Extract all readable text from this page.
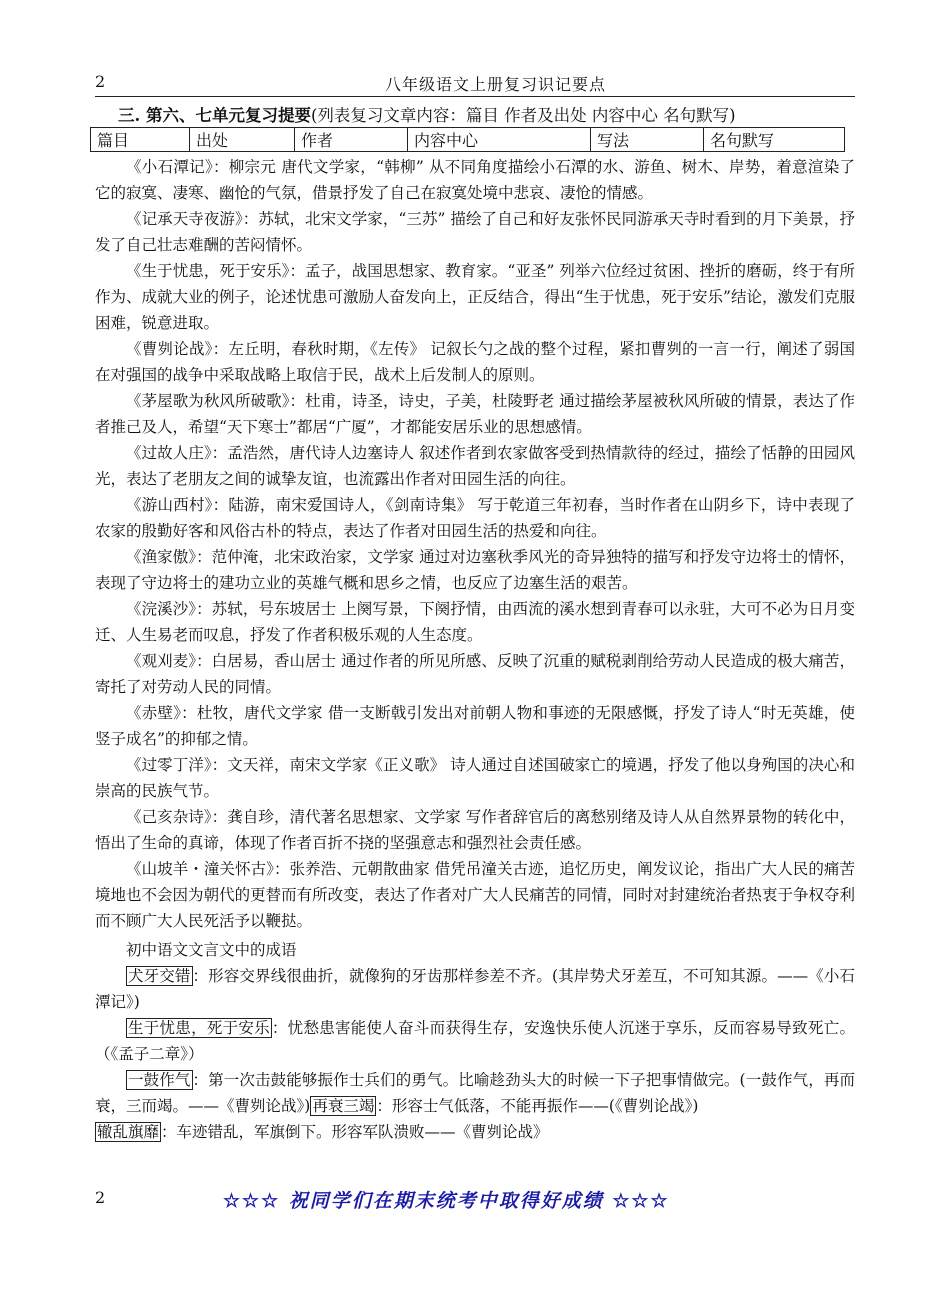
2	八年级语文上册复习识记要点
三. 第六、七单元复习提要(列表复习文章内容：篇目 作者及出处 内容中心 名句默写)
篇目	出处	作者	内容中心	写法	名句默写

《小石潭记》：柳宗元 唐代文学家，“韩柳” 从不同角度描绘小石潭的水、游鱼、树木、岸势，着意渲染了它的寂寞、凄寒、幽怆的气氛，借景抒发了自己在寂寞处境中悲哀、凄怆的情感。

《记承天寺夜游》：苏轼，北宋文学家，“三苏” 描绘了自己和好友张怀民同游承天寺时看到的月下美景，抒发了自己壮志难酬的苦闷情怀。

《生于忧患，死于安乐》：孟子，战国思想家、教育家。“亚圣” 列举六位经过贫困、挫折的磨砺，终于有所作为、成就大业的例子，论述忧患可激励人奋发向上，正反结合，得出“生于忧患，死于安乐”结论，激发们克服困难，锐意进取。

《曹刿论战》：左丘明，春秋时期，《左传》 记叙长勺之战的整个过程，紧扣曹刿的一言一行，阐述了弱国在对强国的战争中采取战略上取信于民，战术上后发制人的原则。

《茅屋歌为秋风所破歌》：杜甫，诗圣，诗史，子美，杜陵野老 通过描绘茅屋被秋风所破的情景，表达了作者推己及人，希望“天下寒士”都居“广厦”，才都能安居乐业的思想感情。

《过故人庄》：孟浩然，唐代诗人边塞诗人 叙述作者到农家做客受到热情款待的经过，描绘了恬静的田园风光，表达了老朋友之间的诚挚友谊，也流露出作者对田园生活的向往。

《游山西村》：陆游，南宋爱国诗人，《剑南诗集》 写于乾道三年初春，当时作者在山阴乡下，诗中表现了农家的殷勤好客和风俗古朴的特点，表达了作者对田园生活的热爱和向往。

《渔家傲》：范仲淹，北宋政治家，文学家 通过对边塞秋季风光的奇异独特的描写和抒发守边将士的情怀，表现了守边将士的建功立业的英雄气概和思乡之情，也反应了边塞生活的艰苦。

《浣溪沙》：苏轼，号东坡居士 上阕写景，下阕抒情，由西流的溪水想到青春可以永驻，大可不必为日月变迁、人生易老而叹息，抒发了作者积极乐观的人生态度。

《观刈麦》：白居易，香山居士 通过作者的所见所感、反映了沉重的赋税剥削给劳动人民造成的极大痛苦，寄托了对劳动人民的同情。

《赤壁》：杜牧，唐代文学家 借一支断戟引发出对前朝人物和事迹的无限感慨，抒发了诗人“时无英雄，使竖子成名”的抑郁之情。

《过零丁洋》：文天祥，南宋文学家《正义歌》 诗人通过自述国破家亡的境遇，抒发了他以身殉国的决心和崇高的民族气节。

《己亥杂诗》：龚自珍，清代著名思想家、文学家 写作者辞官后的离愁别绪及诗人从自然界景物的转化中，悟出了生命的真谛，体现了作者百折不挠的坚强意志和强烈社会责任感。

《山坡羊・潼关怀古》：张养浩、元朝散曲家 借凭吊潼关古迹，追忆历史，阐发议论，指出广大人民的痛苦境地也不会因为朝代的更替而有所改变，表达了作者对广大人民痛苦的同情，同时对封建统治者热衷于争权夺利而不顾广大人民死活予以鞭挞。

初中语文文言文中的成语

犬牙交错 ：形容交界线很曲折，就像狗的牙齿那样参差不齐。(其岸势犬牙差互，不可知其源。——《小石潭记》)

生于忧患，死于安乐 ：忧愁患害能使人奋斗而获得生存，安逸快乐使人沉迷于享乐，反而容易导致死亡。（《孟子二章》）

一鼓作气 ：第一次击鼓能够振作士兵们的勇气。比喻趁劲头大的时候一下子把事情做完。(一鼓作气，再而衰，三而竭。——《曹刿论战》) 再衰三竭 ：形容士气低落，不能再振作——(《曹刿论战》)

辙乱旗靡 ：车迹错乱，军旗倒下。形容军队溃败——《曹刿论战》

2	☆☆☆ 祝同学们在期末统考中取得好成绩 ☆☆☆
